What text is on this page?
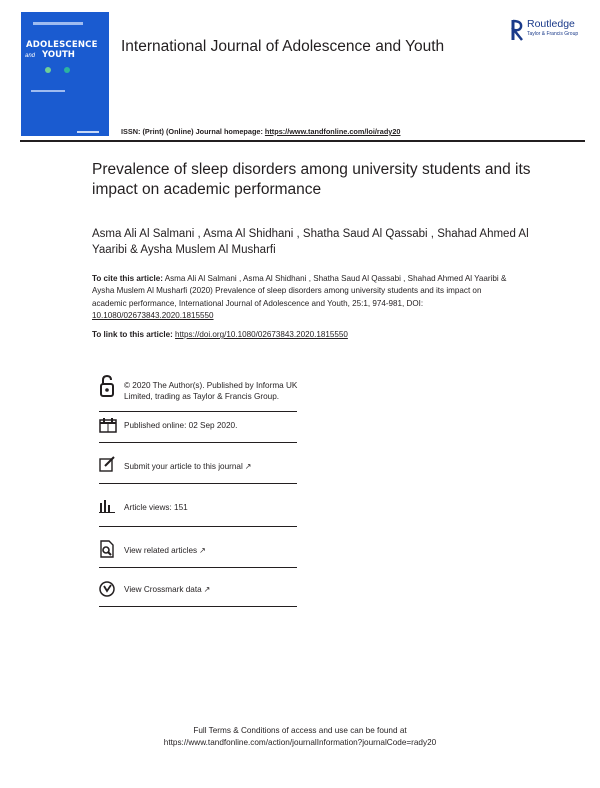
ADOLESCENCE
and YOUTH	International Journal of Adolescence and Youth
Routledge
Taylor & Francis Group
ISSN: (Print) (Online) Journal homepage: https://www.tandfonline.com/loi/rady20
Prevalence of sleep disorders among university students and its impact on academic performance
Asma Ali Al Salmani , Asma Al Shidhani , Shatha Saud Al Qassabi , Shahad Ahmed Al Yaaribi & Aysha Muslem Al Musharfi
To cite this article: Asma Ali Al Salmani , Asma Al Shidhani , Shatha Saud Al Qassabi , Shahad Ahmed Al Yaaribi & Aysha Muslem Al Musharfi (2020) Prevalence of sleep disorders among university students and its impact on academic performance, International Journal of Adolescence and Youth, 25:1, 974-981, DOI: 10.1080/02673843.2020.1815550
To link to this article: https://doi.org/10.1080/02673843.2020.1815550
© 2020 The Author(s). Published by Informa UK Limited, trading as Taylor & Francis Group.
Published online: 02 Sep 2020.
Submit your article to this journal ↗
Article views: 151
View related articles ↗
View Crossmark data ↗
Full Terms & Conditions of access and use can be found at
https://www.tandfonline.com/action/journalInformation?journalCode=rady20
